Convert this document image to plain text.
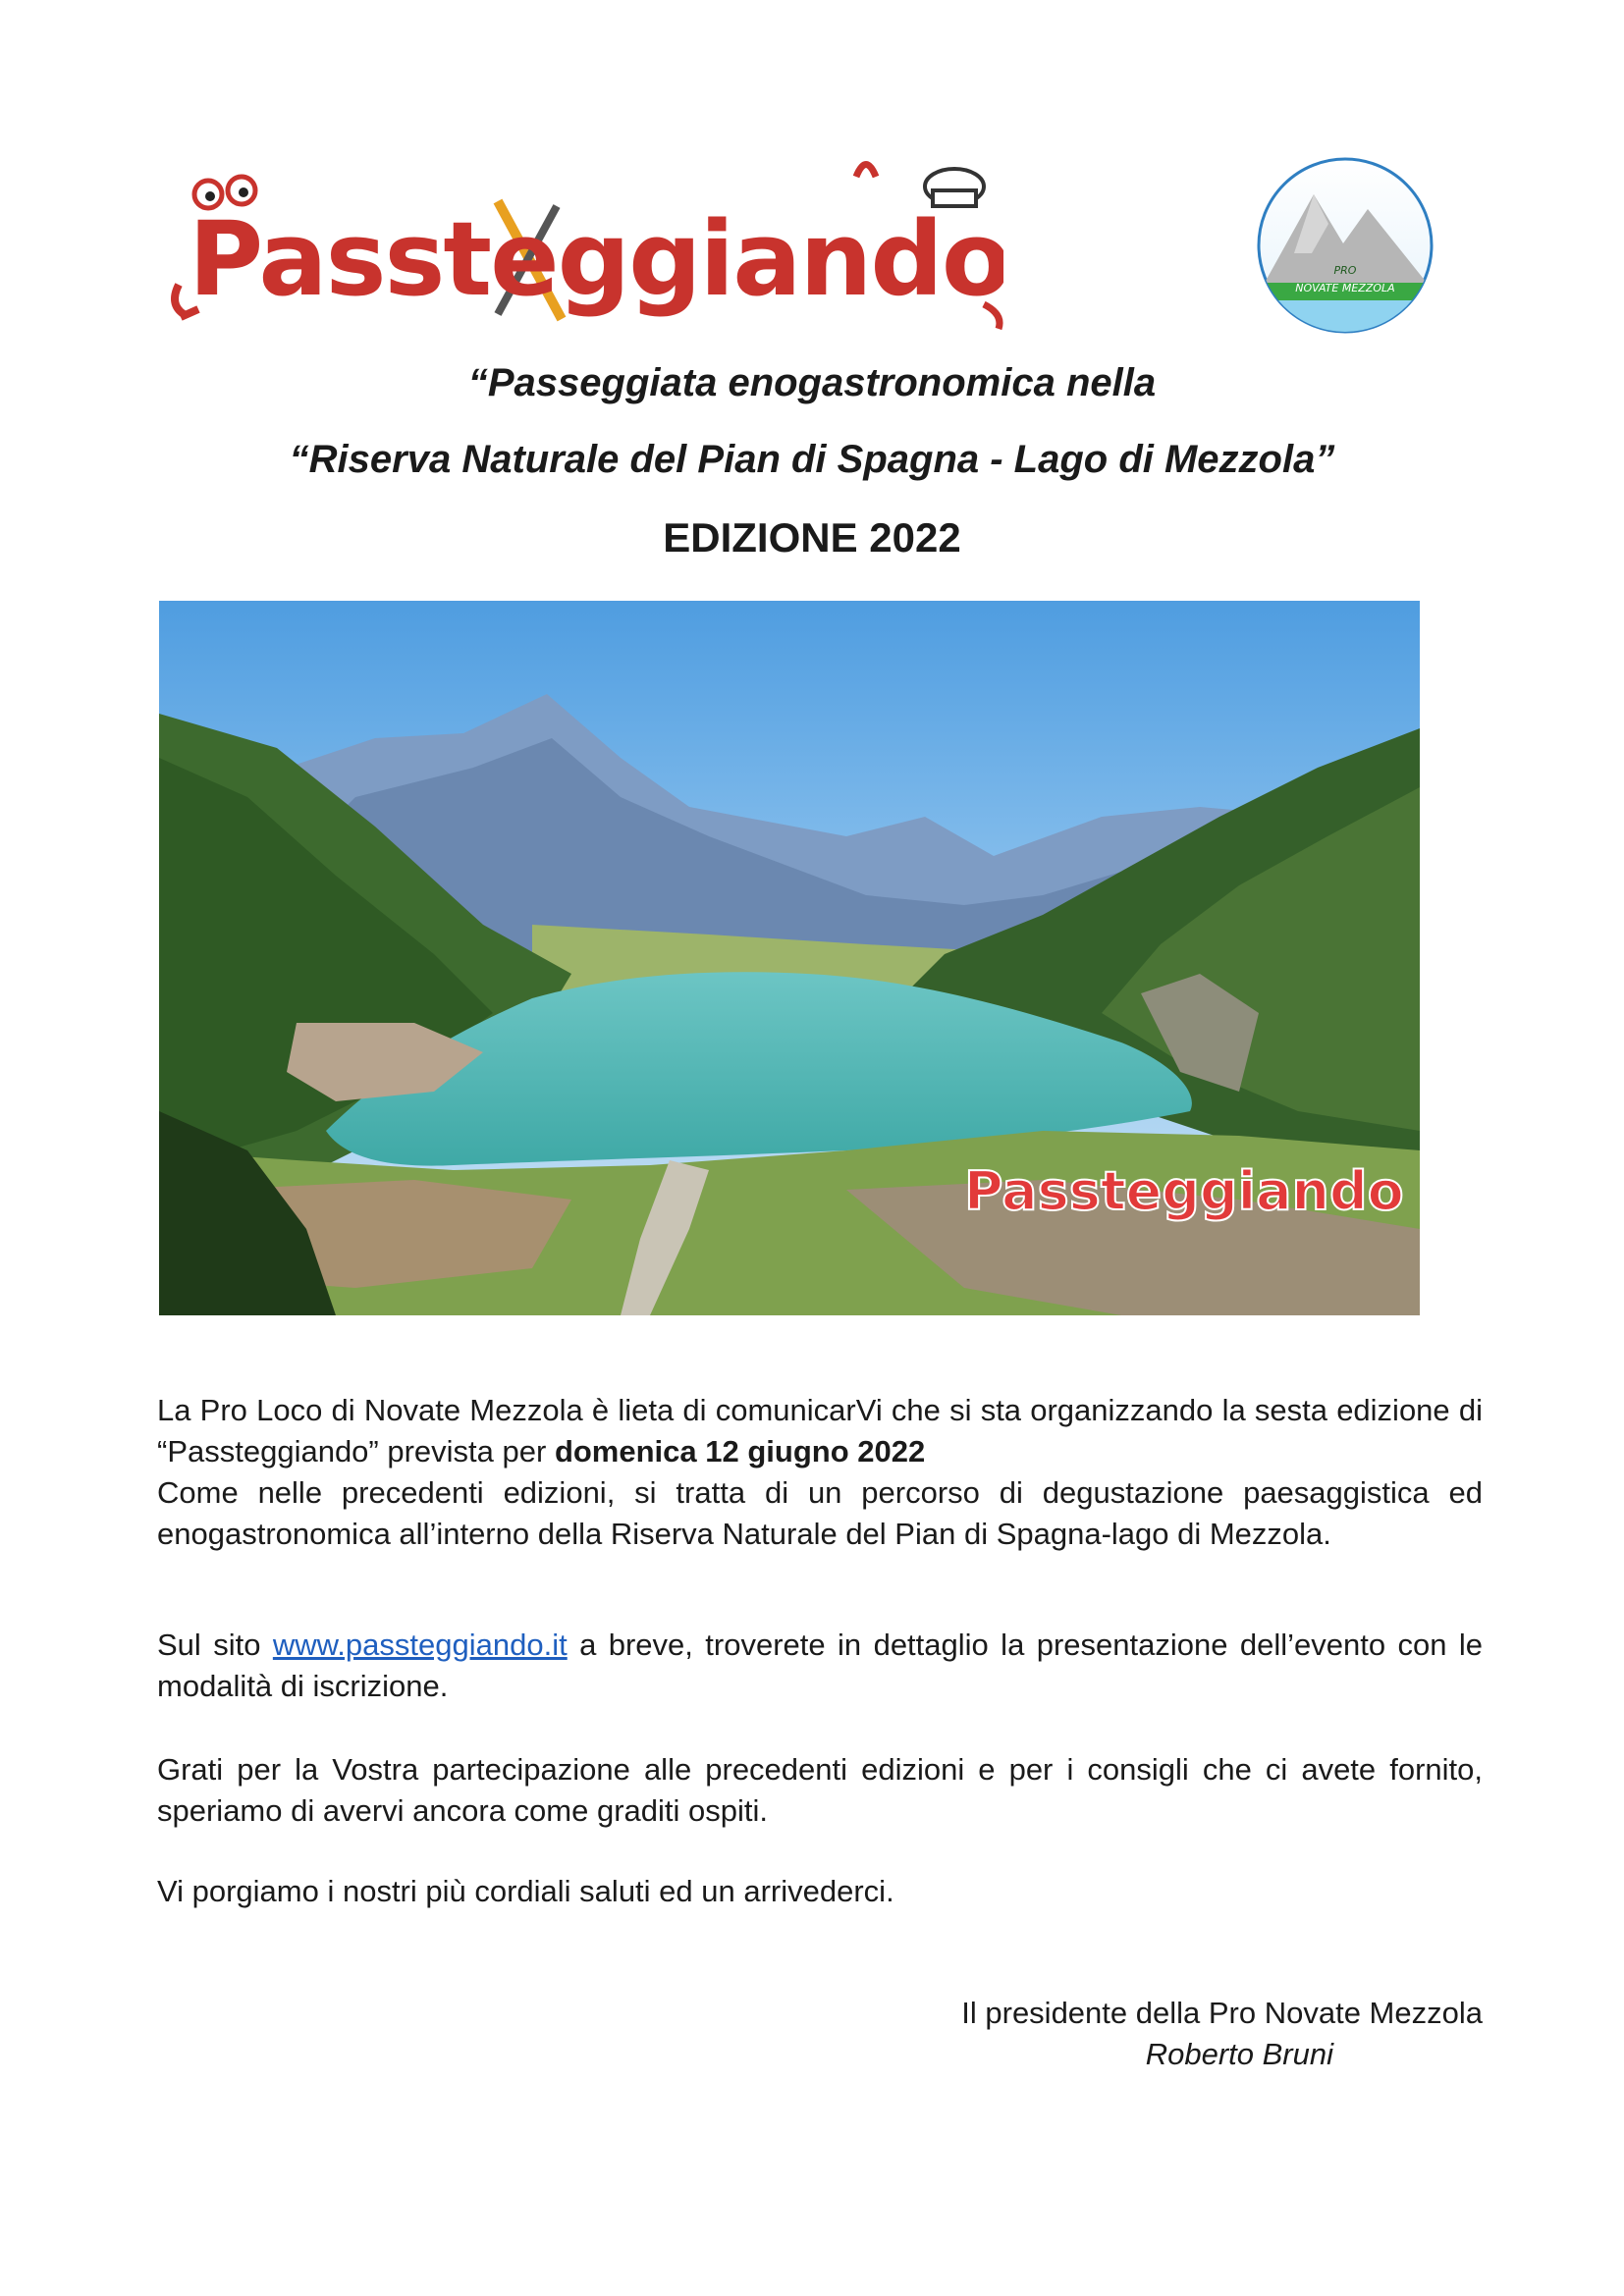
Passteggiando	PRO
NOVATE MEZZOLA

“Passeggiata enogastronomica nella

“Riserva Naturale del Pian di Spagna - Lago di Mezzola”

EDIZIONE 2022

Passteggiando

La Pro Loco di Novate Mezzola è lieta di comunicarVi che si sta organizzando la sesta edizione di “Passteggiando” prevista per domenica 12 giugno 2022
Come nelle precedenti edizioni, si tratta di un percorso di degustazione paesaggistica ed enogastronomica all’interno della Riserva Naturale del Pian di Spagna-lago di Mezzola.

Sul sito www.passteggiando.it a breve, troverete in dettaglio la presentazione dell’evento con le modalità di iscrizione.

Grati per la Vostra partecipazione alle precedenti edizioni e per i consigli che ci avete fornito, speriamo di avervi ancora come graditi ospiti.

Vi porgiamo i nostri più cordiali saluti ed un arrivederci.

Il presidente della Pro Novate Mezzola
Roberto Bruni
